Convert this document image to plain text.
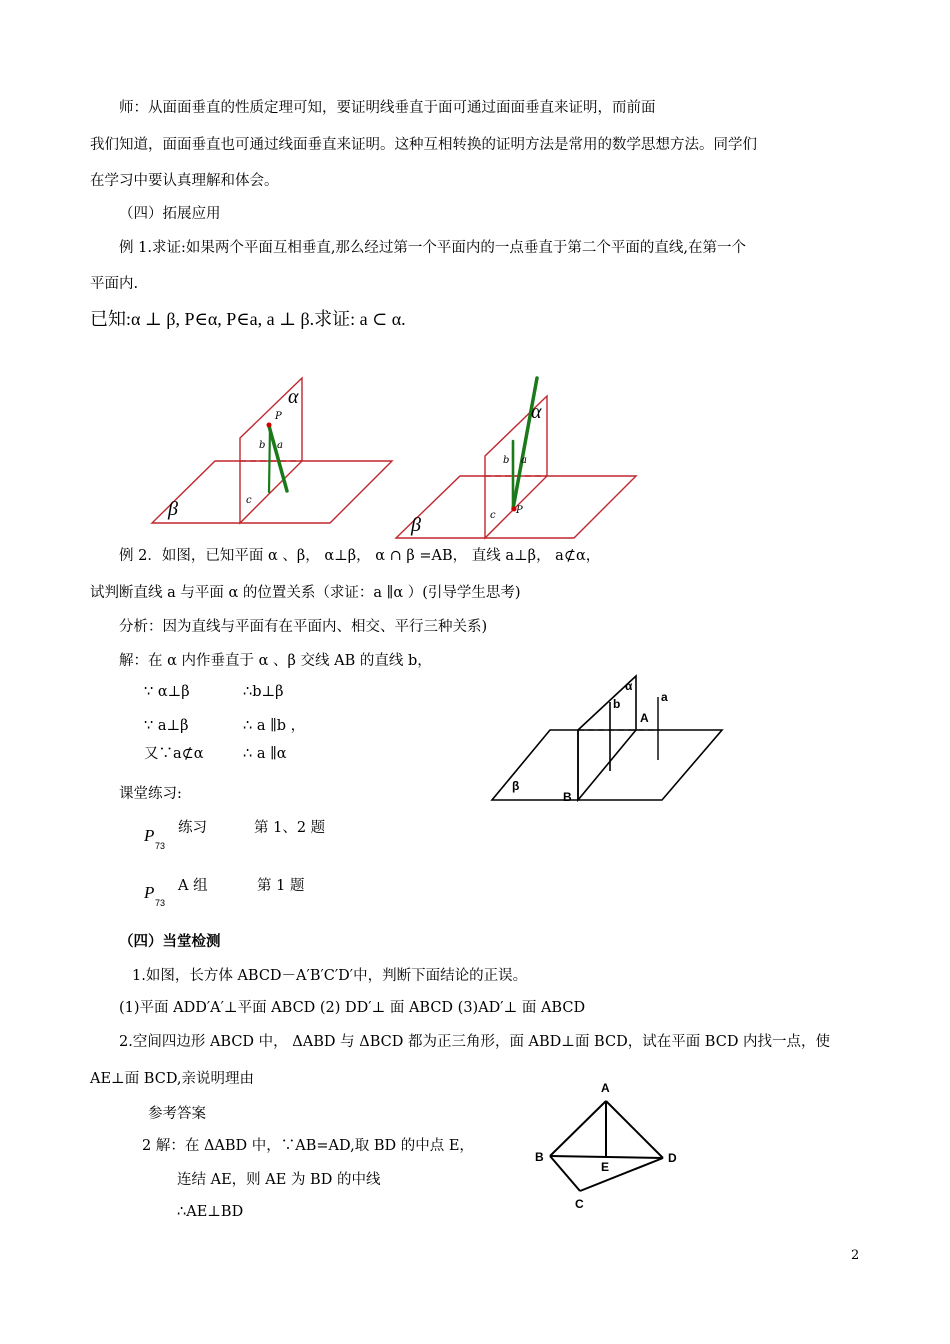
师：从面面垂直的性质定理可知，要证明线垂直于面可通过面面垂直来证明，而前面
我们知道，面面垂直也可通过线面垂直来证明。这种互相转换的证明方法是常用的数学思想方法。同学们
在学习中要认真理解和体会。
（四）拓展应用
例 1.求证:如果两个平面互相垂直,那么经过第一个平面内的一点垂直于第二个平面的直线,在第一个
平面内.
已知:α ⊥ β, P∈α, P∈a, a ⊥ β.求证: a ⊂ α.
α
β
P
b a
c
α
β
P
b a
c
例 2．如图，已知平面 α 、β， α⊥β， α ∩ β =AB， 直线 a⊥β， a⊄α，
试判断直线 a 与平面 α 的位置关系（求证：a ∥α ）(引导学生思考)
分析：因为直线与平面有在平面内、相交、平行三种关系)
解：在 α 内作垂直于 α 、β 交线 AB 的直线 b，
∵ α⊥β	∴b⊥β
∵ a⊥β	∴ a ∥b ，
又∵a⊄α	∴ a ∥α
α
a
b
A
β
B
课堂练习:
P
73
练习	第 1、2 题
P
73
A 组	第 1 题
（四）当堂检测
1.如图，长方体 ABCD－A′B′C′D′中，判断下面结论的正误。
(1)平面 ADD′A′⊥平面 ABCD (2) DD′⊥ 面 ABCD (3)AD′⊥ 面 ABCD
2.空间四边形 ABCD 中， ΔABD 与 ΔBCD 都为正三角形，面 ABD⊥面 BCD，试在平面 BCD 内找一点，使
AE⊥面 BCD,亲说明理由
参考答案
2 解：在 ΔABD 中，∵AB=AD,取 BD 的中点 E，
连结 AE，则 AE 为 BD 的中线
∴AE⊥BD
A
B	D
E
C
2
